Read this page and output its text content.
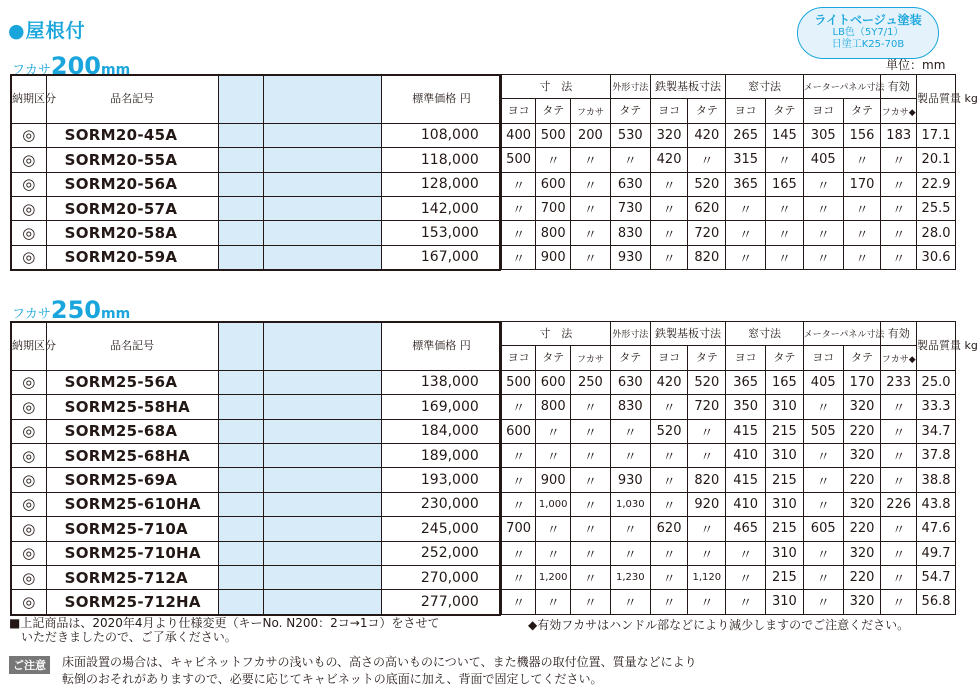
●屋根付	ライトベージュ塗装
LB色（5Y7/1）
日塗工K25-70B
単位：mm
フカサ200mm
納期区分	品名記号			標準価格 円	寸　法			外形寸法	鉄製基板寸法		窓寸法		メーターパネル寸法		有効	製品質量 kg
					ヨコ	タテ	フカサ	タテ	ヨコ	タテ	ヨコ	タテ	ヨコ	タテ	フカサ◆	
◎	SORM20-45A			108,000	400	500	200	530	320	420	265	145	305	156	183	17.1
◎	SORM20-55A			118,000	500	〃	〃	〃	420	〃	315	〃	405	〃	〃	20.1
◎	SORM20-56A			128,000	〃	600	〃	630	〃	520	365	165	〃	170	〃	22.9
◎	SORM20-57A			142,000	〃	700	〃	730	〃	620	〃	〃	〃	〃	〃	25.5
◎	SORM20-58A			153,000	〃	800	〃	830	〃	720	〃	〃	〃	〃	〃	28.0
◎	SORM20-59A			167,000	〃	900	〃	930	〃	820	〃	〃	〃	〃	〃	30.6
フカサ250mm
納期区分	品名記号			標準価格 円	寸　法			外形寸法	鉄製基板寸法		窓寸法		メーターパネル寸法		有効	製品質量 kg
					ヨコ	タテ	フカサ	タテ	ヨコ	タテ	ヨコ	タテ	ヨコ	タテ	フカサ◆	
◎	SORM25-56A			138,000	500	600	250	630	420	520	365	165	405	170	233	25.0
◎	SORM25-58HA			169,000	〃	800	〃	830	〃	720	350	310	〃	320	〃	33.3
◎	SORM25-68A			184,000	600	〃	〃	〃	520	〃	415	215	505	220	〃	34.7
◎	SORM25-68HA			189,000	〃	〃	〃	〃	〃	〃	410	310	〃	320	〃	37.8
◎	SORM25-69A			193,000	〃	900	〃	930	〃	820	415	215	〃	220	〃	38.8
◎	SORM25-610HA			230,000	〃	1,000	〃	1,030	〃	920	410	310	〃	320	226	43.8
◎	SORM25-710A			245,000	700	〃	〃	〃	620	〃	465	215	605	220	〃	47.6
◎	SORM25-710HA			252,000	〃	〃	〃	〃	〃	〃	〃	310	〃	320	〃	49.7
◎	SORM25-712A			270,000	〃	1,200	〃	1,230	〃	1,120	〃	215	〃	220	〃	54.7
◎	SORM25-712HA			277,000	〃	〃	〃	〃	〃	〃	〃	310	〃	320	〃	56.8
■上記商品は、2020年4月より仕様変更（キーNo. N200：2コ→1コ）をさせて
　いただきましたので、ご了承ください。
◆有効フカサはハンドル部などにより減少しますのでご注意ください。
ご注意	床面設置の場合は、キャビネットフカサの浅いもの、高さの高いものについて、また機器の取付位置、質量などにより
転倒のおそれがありますので、必要に応じてキャビネットの底面に加え、背面で固定してください。
